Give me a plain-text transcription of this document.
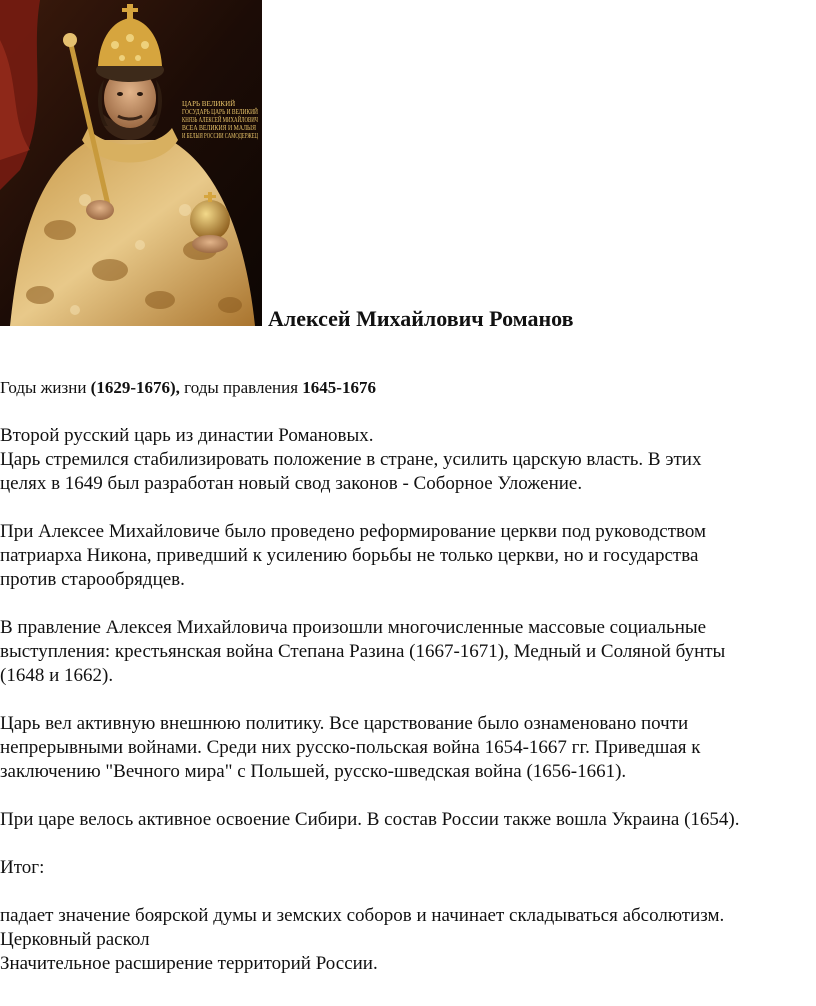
ЦАРЬ ВЕЛИКИЙ
ГОСУДАРЬ ЦАРЬ И ВЕЛИКИЙ
КНЯЗЬ АЛЕКСЕЙ МИХАЙЛОВИЧ
ВСЕА ВЕЛИКИЯ И МАЛЫЯ
И БЕЛЫЯ РОССИИ САМОДЕРЖЕЦ
Алексей Михайлович Романов

Годы жизни (1629-1676), годы правления 1645-1676

Второй русский царь из династии Романовых.

Царь стремился стабилизировать положение в стране, усилить царскую власть. В этих

целях в 1649 был разработан новый свод законов - Соборное Уложение.

При Алексее Михайловиче было проведено реформирование церкви под руководством

патриарха Никона, приведший к усилению борьбы не только церкви, но и государства

против старообрядцев.

В правление Алексея Михайловича произошли многочисленные массовые социальные

выступления: крестьянская война Степана Разина (1667-1671), Медный и Соляной бунты

(1648 и 1662).

Царь вел активную внешнюю политику. Все царствование было ознаменовано почти

непрерывными войнами. Среди них русско-польская война 1654-1667 гг. Приведшая к

заключению "Вечного мира" с Польшей, русско-шведская война (1656-1661).

При царе велось активное освоение Сибири. В состав России также вошла Украина (1654).

Итог:

падает значение боярской думы и земских соборов и начинает складываться абсолютизм.

Церковный раскол

Значительное расширение территорий России.
